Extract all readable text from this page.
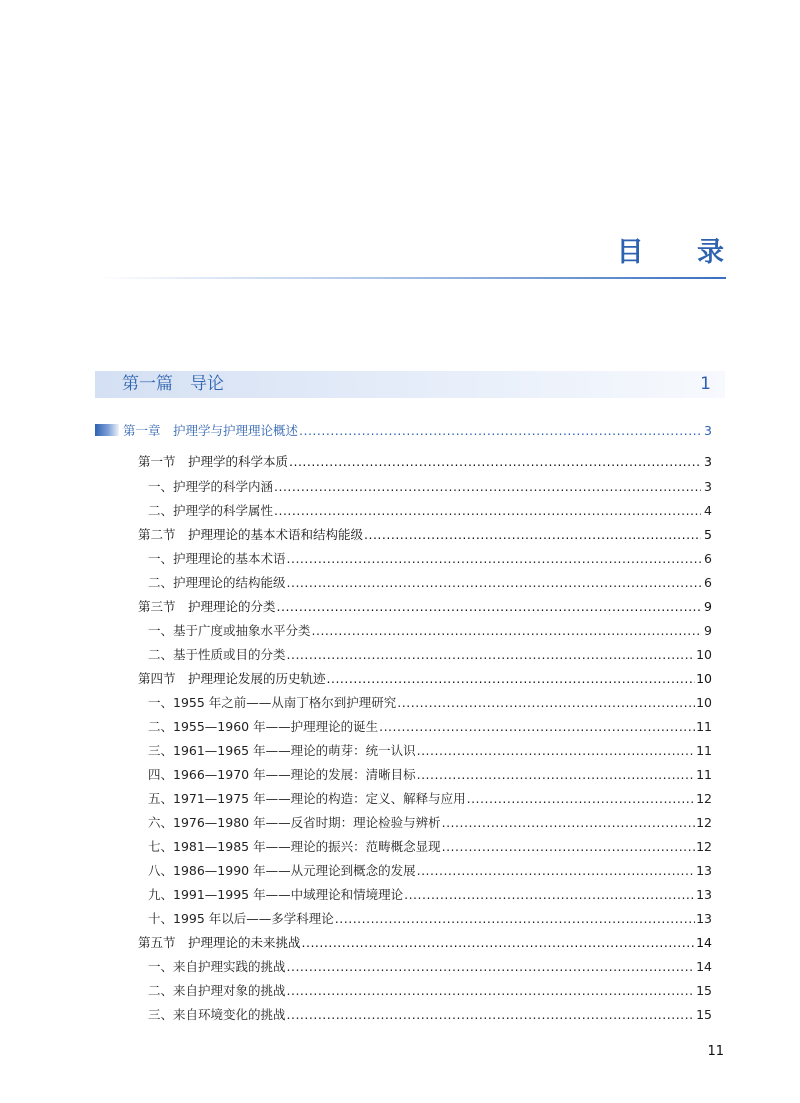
目 录
第一篇　导论	1
第一章　护理学与护理理论概述 .....	3
第一节　护理学的科学本质 .....	3
一、护理学的科学内涵 .....	3
二、护理学的科学属性 .....	4
第二节　护理理论的基本术语和结构能级 .....	5
一、护理理论的基本术语 .....	6
二、护理理论的结构能级 .....	6
第三节　护理理论的分类 .....	9
一、基于广度或抽象水平分类 .....	9
二、基于性质或目的分类 .....	10
第四节　护理理论发展的历史轨迹 .....	10
一、1955 年之前——从南丁格尔到护理研究 .....	10
二、1955—1960 年——护理理论的诞生 .....	11
三、1961—1965 年——理论的萌芽：统一认识 .....	11
四、1966—1970 年——理论的发展：清晰目标 .....	11
五、1971—1975 年——理论的构造：定义、解释与应用 .....	12
六、1976—1980 年——反省时期：理论检验与辨析 .....	12
七、1981—1985 年——理论的振兴：范畴概念显现 .....	12
八、1986—1990 年——从元理论到概念的发展 .....	13
九、1991—1995 年——中域理论和情境理论 .....	13
十、1995 年以后——多学科理论 .....	13
第五节　护理理论的未来挑战 .....	14
一、来自护理实践的挑战 .....	14
二、来自护理对象的挑战 .....	15
三、来自环境变化的挑战 .....	15
11
